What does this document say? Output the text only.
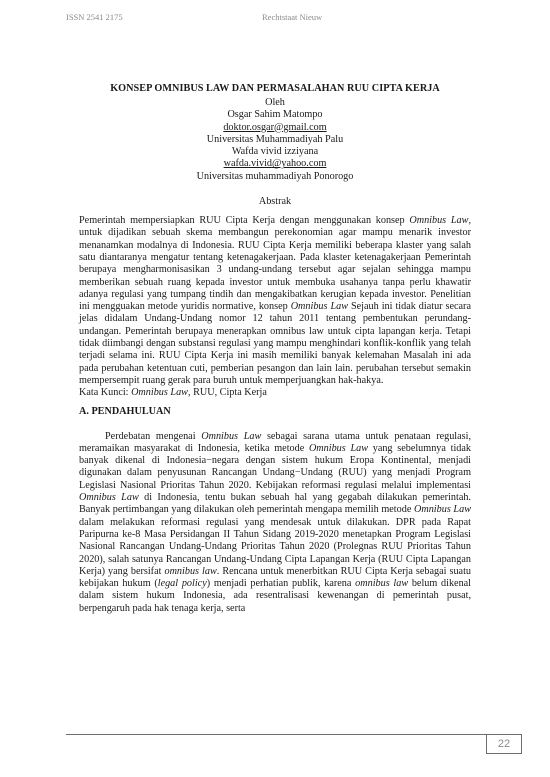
ISSN 2541 2175	Rechtstaat Nieuw
KONSEP OMNIBUS LAW DAN PERMASALAHAN RUU CIPTA KERJA
Oleh
Osgar Sahim Matompo
doktor.osgar@gmail.com
Universitas Muhammadiyah Palu
Wafda vivid izziyana
wafda.vivid@yahoo.com
Universitas muhammadiyah Ponorogo
Abstrak
Pemerintah mempersiapkan RUU Cipta Kerja dengan menggunakan konsep Omnibus Law, untuk dijadikan sebuah skema membangun perekonomian agar mampu menarik investor menanamkan modalnya di Indonesia. RUU Cipta Kerja memiliki beberapa klaster yang salah satu diantaranya mengatur tentang ketenagakerjaan. Pada klaster ketenagakerjaan Pemerintah berupaya mengharmonisasikan 3 undang-undang tersebut agar sejalan sehingga mampu memberikan sebuah ruang kepada investor untuk membuka usahanya tanpa perlu khawatir adanya regulasi yang tumpang tindih dan mengakibatkan kerugian kepada investor. Penelitian ini mengguakan metode yuridis normative, konsep Omnibus Law Sejauh ini tidak diatur secara jelas didalam Undang-Undang nomor 12 tahun 2011 tentang pembentukan perundang-undangan. Pemerintah berupaya menerapkan omnibus law untuk cipta lapangan kerja. Tetapi tidak diimbangi dengan substansi regulasi yang mampu menghindari konflik-konflik yang telah terjadi selama ini. RUU Cipta Kerja ini masih memiliki banyak kelemahan Masalah ini ada pada perubahan ketentuan cuti, pemberian pesangon dan lain lain. perubahan tersebut semakin mempersempit ruang gerak para buruh untuk memperjuangkan hak-hakya.
Kata Kunci: Omnibus Law, RUU, Cipta Kerja
A. PENDAHULUAN
Perdebatan mengenai Omnibus Law sebagai sarana utama untuk penataan regulasi, meramaikan masyarakat di Indonesia, ketika metode Omnibus Law yang sebelumnya tidak banyak dikenal di Indonesia−negara dengan sistem hukum Eropa Kontinental, menjadi digunakan dalam penyusunan Rancangan Undang−Undang (RUU) yang menjadi Program Legislasi Nasional Prioritas Tahun 2020. Kebijakan reformasi regulasi melalui implementasi Omnibus Law di Indonesia, tentu bukan sebuah hal yang gegabah dilakukan pemerintah. Banyak pertimbangan yang dilakukan oleh pemerintah mengapa memilih metode Omnibus Law dalam melakukan reformasi regulasi yang mendesak untuk dilakukan. DPR pada Rapat Paripurna ke-8 Masa Persidangan II Tahun Sidang 2019-2020 menetapkan Program Legislasi Nasional Rancangan Undang-Undang Prioritas Tahun 2020 (Prolegnas RUU Prioritas Tahun 2020), salah satunya Rancangan Undang-Undang Cipta Lapangan Kerja (RUU Cipta Lapangan Kerja) yang bersifat omnibus law. Rencana untuk menerbitkan RUU Cipta Kerja sebagai suatu kebijakan hukum (legal policy) menjadi perhatian publik, karena omnibus law belum dikenal dalam sistem hukum Indonesia, ada resentralisasi kewenangan di pemerintah pusat, berpengaruh pada hak tenaga kerja, serta
22
